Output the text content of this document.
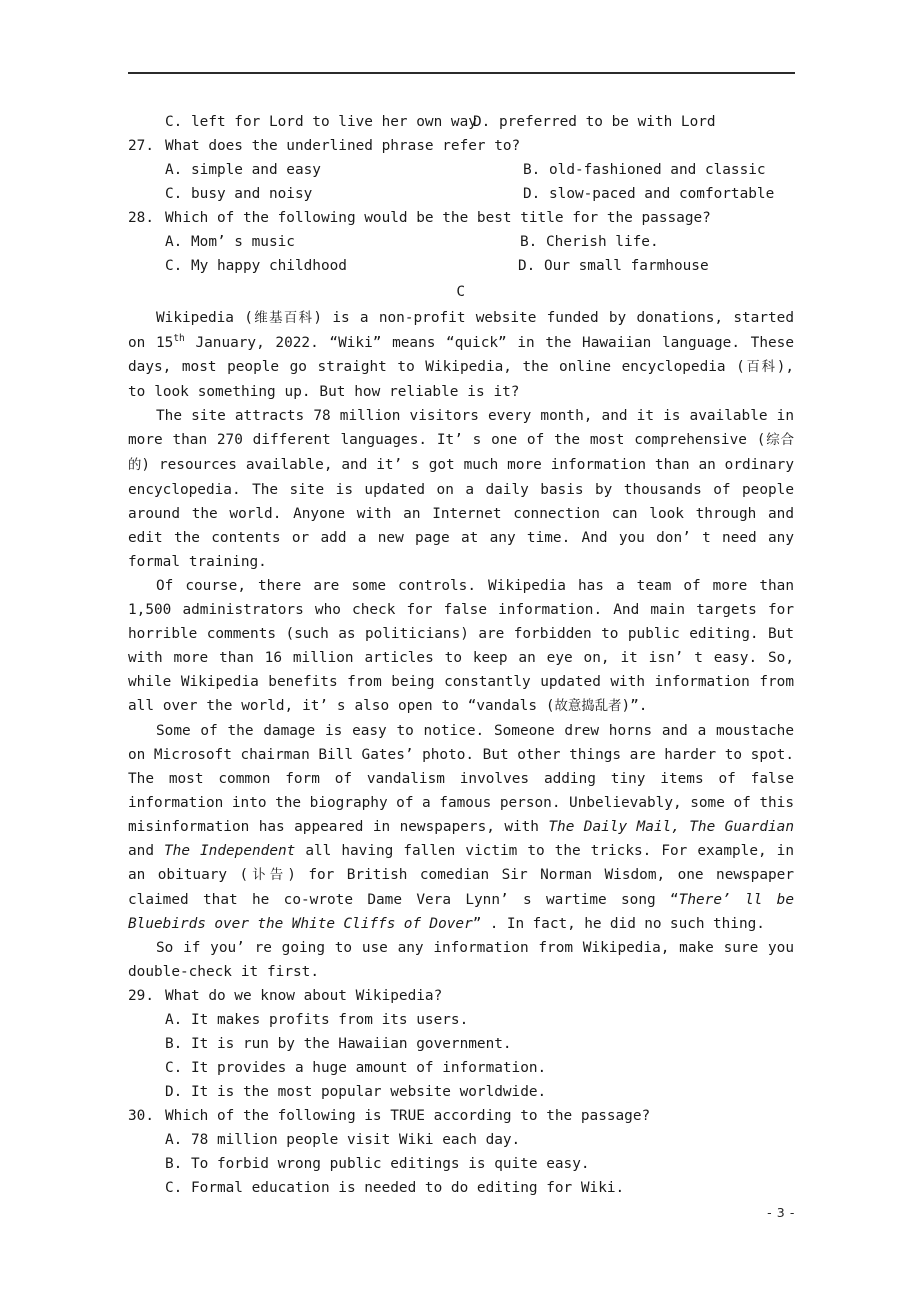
C. left for Lord to live her own way
D. preferred to be with Lord
27. What does the underlined phrase refer to?
A. simple and easy	B. old-fashioned and classic
C. busy and noisy	D. slow-paced and comfortable
28. Which of the following would be the best title for the passage?
A. Mom’ s music	B. Cherish life.
C. My happy childhood	D. Our small farmhouse
C

Wikipedia (维基百科) is a non-profit website funded by donations, started on 15th January, 2022. “Wiki” means “quick” in the Hawaiian language. These days, most people go straight to Wikipedia, the online encyclopedia (百科), to look something up. But how reliable is it?

The site attracts 78 million visitors every month, and it is available in more than 270 different languages. It’ s one of the most comprehensive (综合的) resources available, and it’ s got much more information than an ordinary encyclopedia. The site is updated on a daily basis by thousands of people around the world. Anyone with an Internet connection can look through and edit the contents or add a new page at any time. And you don’ t need any formal training.

Of course, there are some controls. Wikipedia has a team of more than 1,500 administrators who check for false information. And main targets for horrible comments (such as politicians) are forbidden to public editing. But with more than 16 million articles to keep an eye on, it isn’ t easy. So, while Wikipedia benefits from being constantly updated with information from all over the world, it’ s also open to “vandals (故意捣乱者)”.

Some of the damage is easy to notice. Someone drew horns and a moustache on Microsoft chairman Bill Gates’ photo. But other things are harder to spot. The most common form of vandalism involves adding tiny items of false information into the biography of a famous person. Unbelievably, some of this misinformation has appeared in newspapers, with The Daily Mail, The Guardian and The Independent all having fallen victim to the tricks. For example, in an obituary (讣告) for British comedian Sir Norman Wisdom, one newspaper claimed that he co-wrote Dame Vera Lynn’ s wartime song “There’ ll be Bluebirds over the White Cliffs of Dover” . In fact, he did no such thing.

So if you’ re going to use any information from Wikipedia, make sure you double-check it first.

29. What do we know about Wikipedia?
A. It makes profits from its users.
B. It is run by the Hawaiian government.
C. It provides a huge amount of information.
D. It is the most popular website worldwide.
30. Which of the following is TRUE according to the passage?
A. 78 million people visit Wiki each day.
B. To forbid wrong public editings is quite easy.
C. Formal education is needed to do editing for Wiki.
- 3 -
